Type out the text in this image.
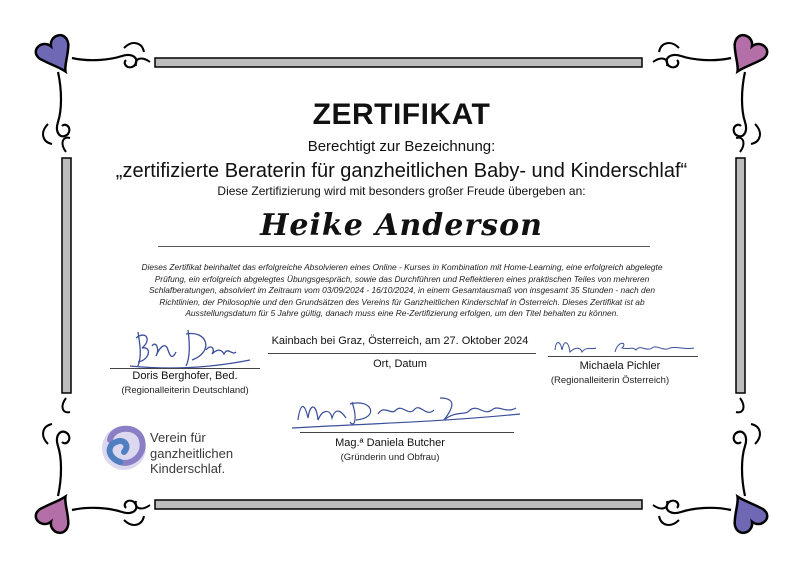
ZERTIFIKAT
Berechtigt zur Bezeichnung:
„zertifizierte Beraterin für ganzheitlichen Baby- und Kinderschlaf“
Diese Zertifizierung wird mit besonders großer Freude übergeben an:
Heike Anderson
Dieses Zertifikat beinhaltet das erfolgreiche Absolvieren eines Online - Kurses in Kombination mit Home-Learning, eine erfolgreich abgelegte Prüfung, ein erfolgreich abgelegtes Übungsgespräch, sowie das Durchführen und Reflektieren eines praktischen Teiles von mehreren Schlafberatungen, absolviert im Zeitraum vom 03/09/2024 - 16/10/2024, in einem Gesamtausmaß von insgesamt 35 Stunden - nach den Richtlinien, der Philosophie und den Grundsätzen des Vereins für Ganzheitlichen Kinderschlaf in Österreich. Dieses Zertifikat ist ab Ausstellungsdatum für 5 Jahre gültig, danach muss eine Re-Zertifizierung erfolgen, um den Titel behalten zu können.
Doris Berghofer, Bed.
(Regionalleiterin Deutschland)
Kainbach bei Graz, Österreich, am 27. Oktober 2024
Ort, Datum	Michaela Pichler
(Regionalleiterin Österreich)
Mag.ª Daniela Butcher
(Gründerin und Obfrau)
Verein für
ganzheitlichen
Kinderschlaf.
